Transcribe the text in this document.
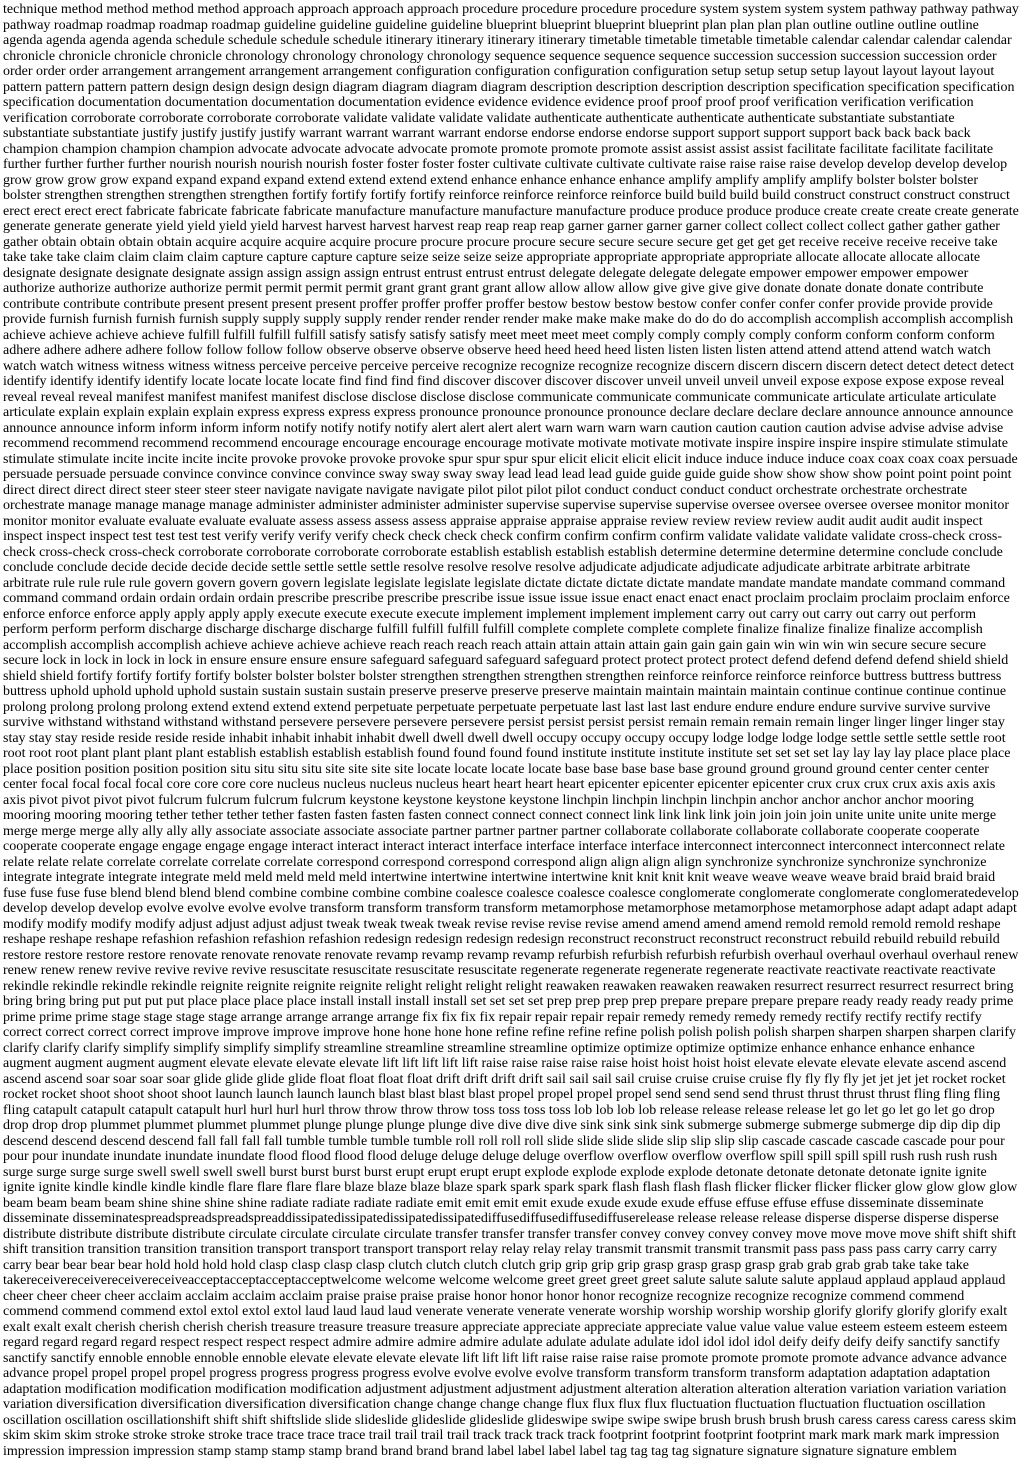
technique method method method method approach approach approach approach procedure procedure procedure procedure system system system system pathway pathway pathway pathway roadmap roadmap roadmap roadmap guideline guideline guideline guideline blueprint blueprint blueprint blueprint plan plan plan plan outline outline outline outline agenda agenda agenda agenda schedule schedule schedule schedule itinerary itinerary itinerary itinerary timetable timetable timetable timetable calendar calendar calendar calendar chronicle chronicle chronicle chronicle chronology chronology chronology chronology sequence sequence sequence sequence succession succession succession succession order order order order arrangement arrangement arrangement arrangement configuration configuration configuration configuration setup setup setup setup layout layout layout layout pattern pattern pattern pattern design design design design diagram diagram diagram diagram description description description description specification specification specification specification documentation documentation documentation documentation evidence evidence evidence evidence proof proof proof proof verification verification verification verification corroborate corroborate corroborate corroborate validate validate validate validate authenticate authenticate authenticate authenticate substantiate substantiate substantiate substantiate justify justify justify justify warrant warrant warrant warrant endorse endorse endorse endorse support support support support back back back back champion champion champion champion advocate advocate advocate advocate promote promote promote promote assist assist assist assist facilitate facilitate facilitate facilitate further further further further nourish nourish nourish nourish foster foster foster foster cultivate cultivate cultivate cultivate raise raise raise raise develop develop develop develop grow grow grow grow expand expand expand expand extend extend extend extend enhance enhance enhance enhance amplify amplify amplify amplify bolster bolster bolster bolster strengthen strengthen strengthen strengthen fortify fortify fortify fortify reinforce reinforce reinforce reinforce build build build build construct construct construct construct erect erect erect erect fabricate fabricate fabricate fabricate manufacture manufacture manufacture manufacture produce produce produce produce create create create create generate generate generate generate yield yield yield yield harvest harvest harvest harvest reap reap reap reap garner garner garner garner collect collect collect collect gather gather gather gather obtain obtain obtain obtain acquire acquire acquire acquire procure procure procure procure secure secure secure secure get get get get receive receive receive receive take take take take claim claim claim claim capture capture capture capture seize seize seize seize appropriate appropriate appropriate appropriate allocate allocate allocate allocate designate designate designate designate assign assign assign assign entrust entrust entrust entrust delegate delegate delegate delegate empower empower empower empower authorize authorize authorize authorize permit permit permit permit grant grant grant grant allow allow allow allow give give give give donate donate donate donate contribute contribute contribute contribute present present present present proffer proffer proffer proffer bestow bestow bestow bestow confer confer confer confer provide provide provide provide furnish furnish furnish furnish supply supply supply supply render render render render make make make make do do do do accomplish accomplish accomplish accomplish achieve achieve achieve achieve fulfill fulfill fulfill fulfill satisfy satisfy satisfy satisfy meet meet meet meet comply comply comply comply conform conform conform conform adhere adhere adhere adhere follow follow follow follow observe observe observe observe heed heed heed heed listen listen listen listen attend attend attend attend watch watch watch watch witness witness witness witness perceive perceive perceive perceive recognize recognize recognize recognize discern discern discern discern detect detect detect detect identify identify identify identify locate locate locate locate find find find find discover discover discover discover unveil unveil unveil unveil expose expose expose expose reveal reveal reveal reveal manifest manifest manifest manifest disclose disclose disclose disclose communicate communicate communicate communicate articulate articulate articulate articulate explain explain explain explain express express express express pronounce pronounce pronounce pronounce declare declare declare declare announce announce announce announce announce inform inform inform inform notify notify notify notify alert alert alert alert warn warn warn warn caution caution caution caution advise advise advise advise recommend recommend recommend recommend encourage encourage encourage encourage motivate motivate motivate motivate inspire inspire inspire inspire stimulate stimulate stimulate stimulate incite incite incite incite provoke provoke provoke provoke spur spur spur spur elicit elicit elicit elicit induce induce induce induce coax coax coax coax persuade persuade persuade persuade convince convince convince convince sway sway sway sway lead lead lead lead guide guide guide guide show show show show point point point point direct direct direct direct steer steer steer steer navigate navigate navigate navigate pilot pilot pilot pilot conduct conduct conduct conduct orchestrate orchestrate orchestrate orchestrate manage manage manage manage administer administer administer administer supervise supervise supervise supervise oversee oversee oversee oversee monitor monitor monitor monitor evaluate evaluate evaluate evaluate assess assess assess assess appraise appraise appraise appraise review review review review audit audit audit audit inspect inspect inspect inspect test test test test verify verify verify verify check check check check confirm confirm confirm confirm validate validate validate validate cross-check cross-check cross-check cross-check corroborate corroborate corroborate corroborate establish establish establish establish determine determine determine determine conclude conclude conclude conclude decide decide decide decide settle settle settle settle resolve resolve resolve resolve adjudicate adjudicate adjudicate adjudicate arbitrate arbitrate arbitrate arbitrate rule rule rule rule govern govern govern govern legislate legislate legislate legislate dictate dictate dictate dictate mandate mandate mandate mandate command command command command ordain ordain ordain ordain prescribe prescribe prescribe prescribe issue issue issue issue enact enact enact enact proclaim proclaim proclaim proclaim enforce enforce enforce enforce apply apply apply apply execute execute execute execute implement implement implement implement carry out carry out carry out carry out perform perform perform perform discharge discharge discharge discharge fulfill fulfill fulfill fulfill complete complete complete complete finalize finalize finalize finalize accomplish accomplish accomplish accomplish achieve achieve achieve achieve reach reach reach reach attain attain attain attain gain gain gain gain win win win win secure secure secure secure lock in lock in lock in lock in ensure ensure ensure ensure safeguard safeguard safeguard safeguard protect protect protect protect defend defend defend defend shield shield shield shield fortify fortify fortify fortify bolster bolster bolster bolster strengthen strengthen strengthen strengthen reinforce reinforce reinforce reinforce buttress buttress buttress buttress uphold uphold uphold uphold sustain sustain sustain sustain preserve preserve preserve preserve maintain maintain maintain maintain continue continue continue continue prolong prolong prolong prolong extend extend extend extend perpetuate perpetuate perpetuate perpetuate last last last last endure endure endure endure survive survive survive survive withstand withstand withstand withstand persevere persevere persevere persevere persist persist persist persist remain remain remain remain linger linger linger linger stay stay stay stay reside reside reside reside inhabit inhabit inhabit inhabit dwell dwell dwell dwell occupy occupy occupy occupy lodge lodge lodge lodge settle settle settle settle root root root root plant plant plant plant establish establish establish establish found found found found institute institute institute institute set set set set lay lay lay lay place place place place position position position position situ situ situ situ site site site site locate locate locate locate base base base base base ground ground ground ground center center center center focal focal focal focal core core core core nucleus nucleus nucleus nucleus heart heart heart heart epicenter epicenter epicenter epicenter crux crux crux crux axis axis axis axis pivot pivot pivot pivot fulcrum fulcrum fulcrum fulcrum keystone keystone keystone keystone linchpin linchpin linchpin linchpin anchor anchor anchor anchor mooring mooring mooring mooring tether tether tether tether fasten fasten fasten fasten connect connect connect connect link link link link join join join join unite unite unite unite merge merge merge merge ally ally ally ally associate associate associate associate partner partner partner partner collaborate collaborate collaborate collaborate cooperate cooperate cooperate cooperate engage engage engage engage interact interact interact interact interface interface interface interface interconnect interconnect interconnect interconnect relate relate relate relate correlate correlate correlate correlate correspond correspond correspond correspond align align align align synchronize synchronize synchronize synchronize integrate integrate integrate integrate meld meld meld meld meld intertwine intertwine intertwine intertwine knit knit knit knit weave weave weave weave braid braid braid braid fuse fuse fuse fuse blend blend blend blend combine combine combine combine coalesce coalesce coalesce coalesce conglomerate conglomerate conglomerate conglomeratedevelop develop develop develop evolve evolve evolve evolve transform transform transform transform metamorphose metamorphose metamorphose metamorphose adapt adapt adapt adapt modify modify modify modify adjust adjust adjust adjust tweak tweak tweak tweak revise revise revise revise amend amend amend amend remold remold remold remold reshape reshape reshape reshape refashion refashion refashion refashion redesign redesign redesign redesign reconstruct reconstruct reconstruct reconstruct rebuild rebuild rebuild rebuild restore restore restore restore renovate renovate renovate renovate revamp revamp revamp revamp refurbish refurbish refurbish refurbish overhaul overhaul overhaul overhaul renew renew renew renew revive revive revive revive resuscitate resuscitate resuscitate resuscitate regenerate regenerate regenerate regenerate reactivate reactivate reactivate reactivate rekindle rekindle rekindle rekindle reignite reignite reignite reignite relight relight relight relight reawaken reawaken reawaken reawaken resurrect resurrect resurrect resurrect bring bring bring bring put put put put place place place place install install install install set set set set prep prep prep prep prepare prepare prepare prepare ready ready ready ready prime prime prime prime stage stage stage stage arrange arrange arrange arrange fix fix fix fix repair repair repair repair remedy remedy remedy remedy rectify rectify rectify rectify correct correct correct correct improve improve improve improve hone hone hone hone refine refine refine refine polish polish polish polish sharpen sharpen sharpen sharpen clarify clarify clarify clarify simplify simplify simplify simplify streamline streamline streamline streamline optimize optimize optimize optimize enhance enhance enhance enhance augment augment augment augment elevate elevate elevate elevate lift lift lift lift lift raise raise raise raise raise hoist hoist hoist hoist elevate elevate elevate elevate ascend ascend ascend ascend soar soar soar soar glide glide glide glide float float float float drift drift drift drift sail sail sail sail cruise cruise cruise cruise fly fly fly fly jet jet jet jet rocket rocket rocket rocket shoot shoot shoot shoot launch launch launch launch blast blast blast blast propel propel propel propel send send send send thrust thrust thrust thrust fling fling fling fling catapult catapult catapult catapult hurl hurl hurl hurl throw throw throw throw toss toss toss toss lob lob lob lob release release release release let go let go let go let go drop drop drop drop plummet plummet plummet plummet plunge plunge plunge plunge dive dive dive dive sink sink sink sink submerge submerge submerge submerge dip dip dip dip descend descend descend descend fall fall fall fall tumble tumble tumble tumble roll roll roll roll slide slide slide slide slip slip slip slip cascade cascade cascade cascade pour pour pour pour inundate inundate inundate inundate flood flood flood flood deluge deluge deluge deluge overflow overflow overflow overflow spill spill spill spill rush rush rush rush surge surge surge surge swell swell swell swell burst burst burst burst erupt erupt erupt erupt explode explode explode explode detonate detonate detonate detonate ignite ignite ignite ignite kindle kindle kindle kindle flare flare flare flare blaze blaze blaze blaze spark spark spark spark flash flash flash flash flicker flicker flicker flicker glow glow glow glow beam beam beam beam shine shine shine shine radiate radiate radiate radiate emit emit emit emit exude exude exude exude effuse effuse effuse effuse disseminate disseminate disseminate disseminatespreadspreadspreadspreaddissipatedissipatedissipatedissipatediffusediffusediffusediffuserelease release release release disperse disperse disperse disperse distribute distribute distribute distribute circulate circulate circulate circulate transfer transfer transfer transfer convey convey convey convey move move move move shift shift shift shift transition transition transition transition transport transport transport transport relay relay relay relay transmit transmit transmit transmit pass pass pass pass carry carry carry carry bear bear bear bear hold hold hold hold clasp clasp clasp clasp clutch clutch clutch clutch grip grip grip grip grasp grasp grasp grasp grab grab grab grab take take take takereceivereceivereceivereceiveacceptacceptacceptacceptwelcome welcome welcome welcome greet greet greet greet salute salute salute salute applaud applaud applaud applaud cheer cheer cheer cheer acclaim acclaim acclaim acclaim praise praise praise praise honor honor honor honor recognize recognize recognize recognize commend commend commend commend commend extol extol extol extol laud laud laud laud venerate venerate venerate venerate worship worship worship worship glorify glorify glorify glorify exalt exalt exalt exalt cherish cherish cherish cherish treasure treasure treasure treasure appreciate appreciate appreciate appreciate value value value value esteem esteem esteem esteem regard regard regard regard respect respect respect respect admire admire admire admire adulate adulate adulate adulate idol idol idol idol deify deify deify deify sanctify sanctify sanctify sanctify ennoble ennoble ennoble ennoble elevate elevate elevate elevate lift lift lift lift raise raise raise raise promote promote promote promote advance advance advance advance propel propel propel propel progress progress progress progress evolve evolve evolve evolve transform transform transform transform adaptation adaptation adaptation adaptation modification modification modification modification adjustment adjustment adjustment adjustment alteration alteration alteration alteration variation variation variation variation diversification diversification diversification diversification change change change change flux flux flux flux fluctuation fluctuation fluctuation fluctuation oscillation oscillation oscillation oscillationshift shift shift shiftslide slide slideslide glideslide glideslide glideswipe swipe swipe swipe brush brush brush brush caress caress caress caress skim skim skim skim stroke stroke stroke stroke trace trace trace trace trail trail trail trail track track track track footprint footprint footprint footprint mark mark mark mark impression impression impression impression stamp stamp stamp stamp brand brand brand brand label label label label tag tag tag tag signature signature signature signature emblem
